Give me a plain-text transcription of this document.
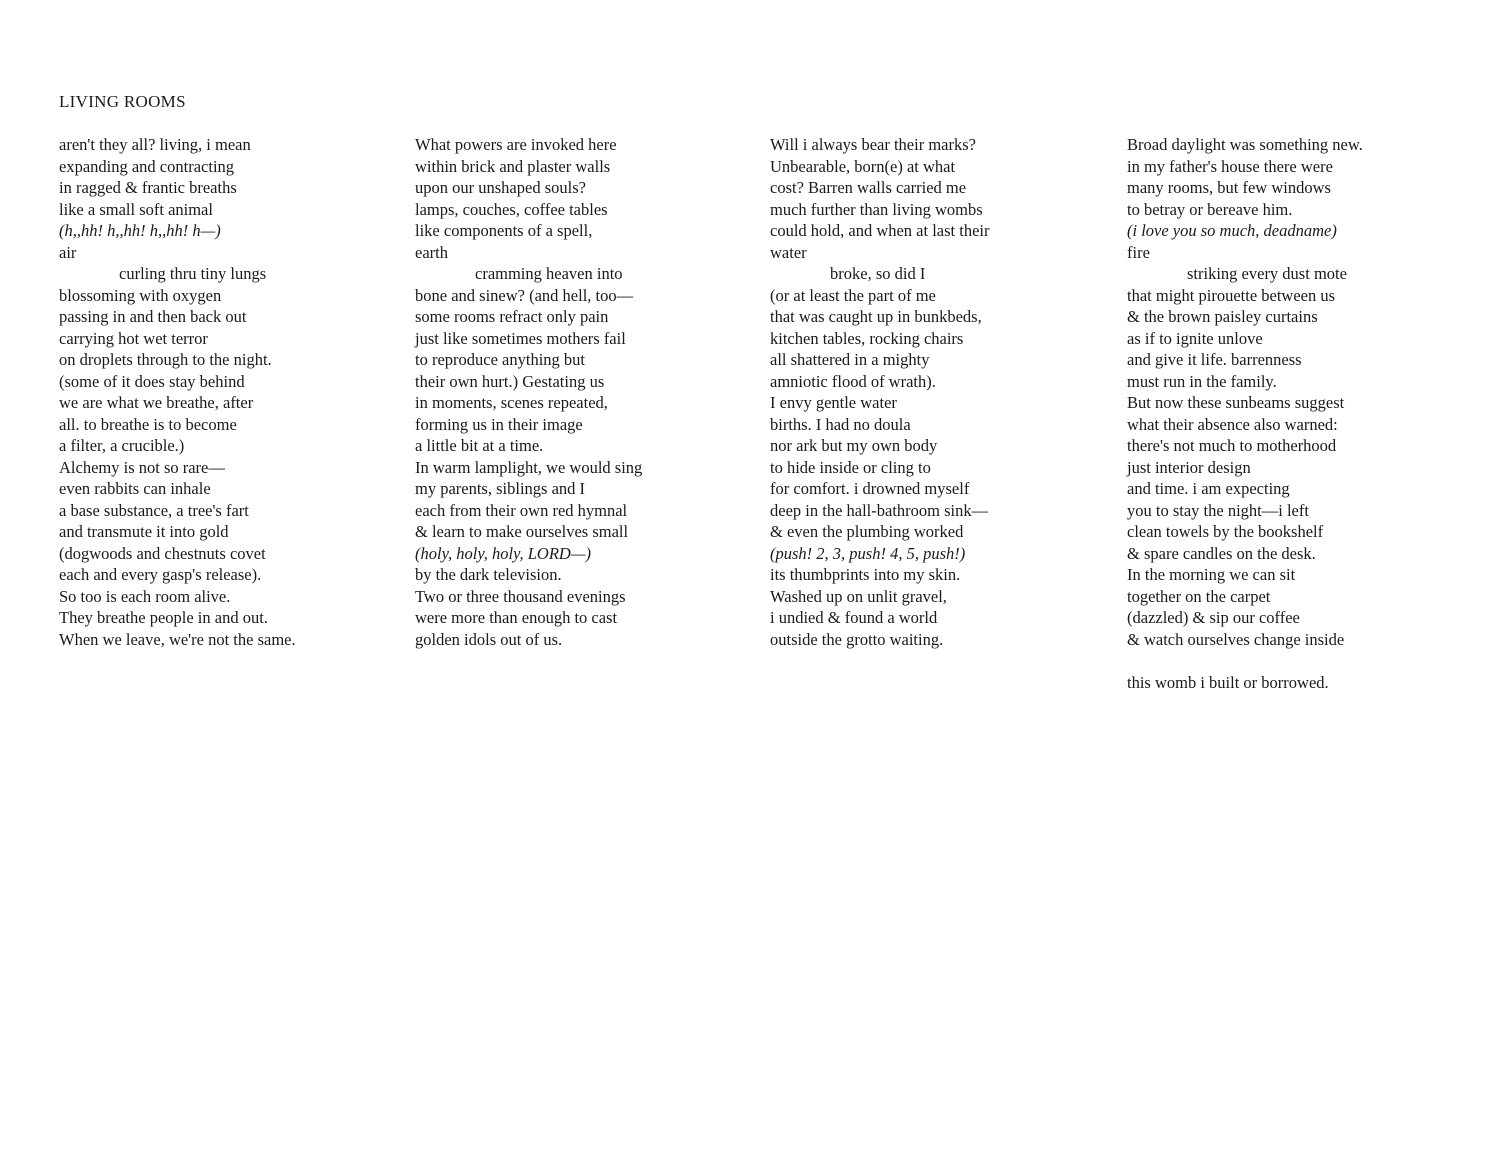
LIVING ROOMS
aren't they all? living, i mean
expanding and contracting
in ragged & frantic breaths
like a small soft animal
(h,,hh! h,,hh! h,,hh! h—)
air
curling thru tiny lungs
blossoming with oxygen
passing in and then back out
carrying hot wet terror
on droplets through to the night.
(some of it does stay behind
we are what we breathe, after
all. to breathe is to become
a filter, a crucible.)
Alchemy is not so rare—
even rabbits can inhale
a base substance, a tree's fart
and transmute it into gold
(dogwoods and chestnuts covet
each and every gasp's release).
So too is each room alive.
They breathe people in and out.
When we leave, we're not the same.
What powers are invoked here
within brick and plaster walls
upon our unshaped souls?
lamps, couches, coffee tables
like components of a spell,
earth
cramming heaven into
bone and sinew? (and hell, too—
some rooms refract only pain
just like sometimes mothers fail
to reproduce anything but
their own hurt.) Gestating us
in moments, scenes repeated,
forming us in their image
a little bit at a time.
In warm lamplight, we would sing
my parents, siblings and I
each from their own red hymnal
& learn to make ourselves small
(holy, holy, holy, LORD—)
by the dark television.
Two or three thousand evenings
were more than enough to cast
golden idols out of us.
Will i always bear their marks?
Unbearable, born(e) at what
cost? Barren walls carried me
much further than living wombs
could hold, and when at last their
water
broke, so did I
(or at least the part of me
that was caught up in bunkbeds,
kitchen tables, rocking chairs
all shattered in a mighty
amniotic flood of wrath).
I envy gentle water
births. I had no doula
nor ark but my own body
to hide inside or cling to
for comfort. i drowned myself
deep in the hall-bathroom sink—
& even the plumbing worked
(push! 2, 3, push! 4, 5, push!)
its thumbprints into my skin.
Washed up on unlit gravel,
i undied & found a world
outside the grotto waiting.
Broad daylight was something new.
in my father's house there were
many rooms, but few windows
to betray or bereave him.
(i love you so much, deadname)
fire
striking every dust mote
that might pirouette between us
& the brown paisley curtains
as if to ignite unlove
and give it life. barrenness
must run in the family.
But now these sunbeams suggest
what their absence also warned:
there's not much to motherhood
just interior design
and time. i am expecting
you to stay the night—i left
clean towels by the bookshelf
& spare candles on the desk.
In the morning we can sit
together on the carpet
(dazzled) & sip our coffee
& watch ourselves change inside
this womb i built or borrowed.
